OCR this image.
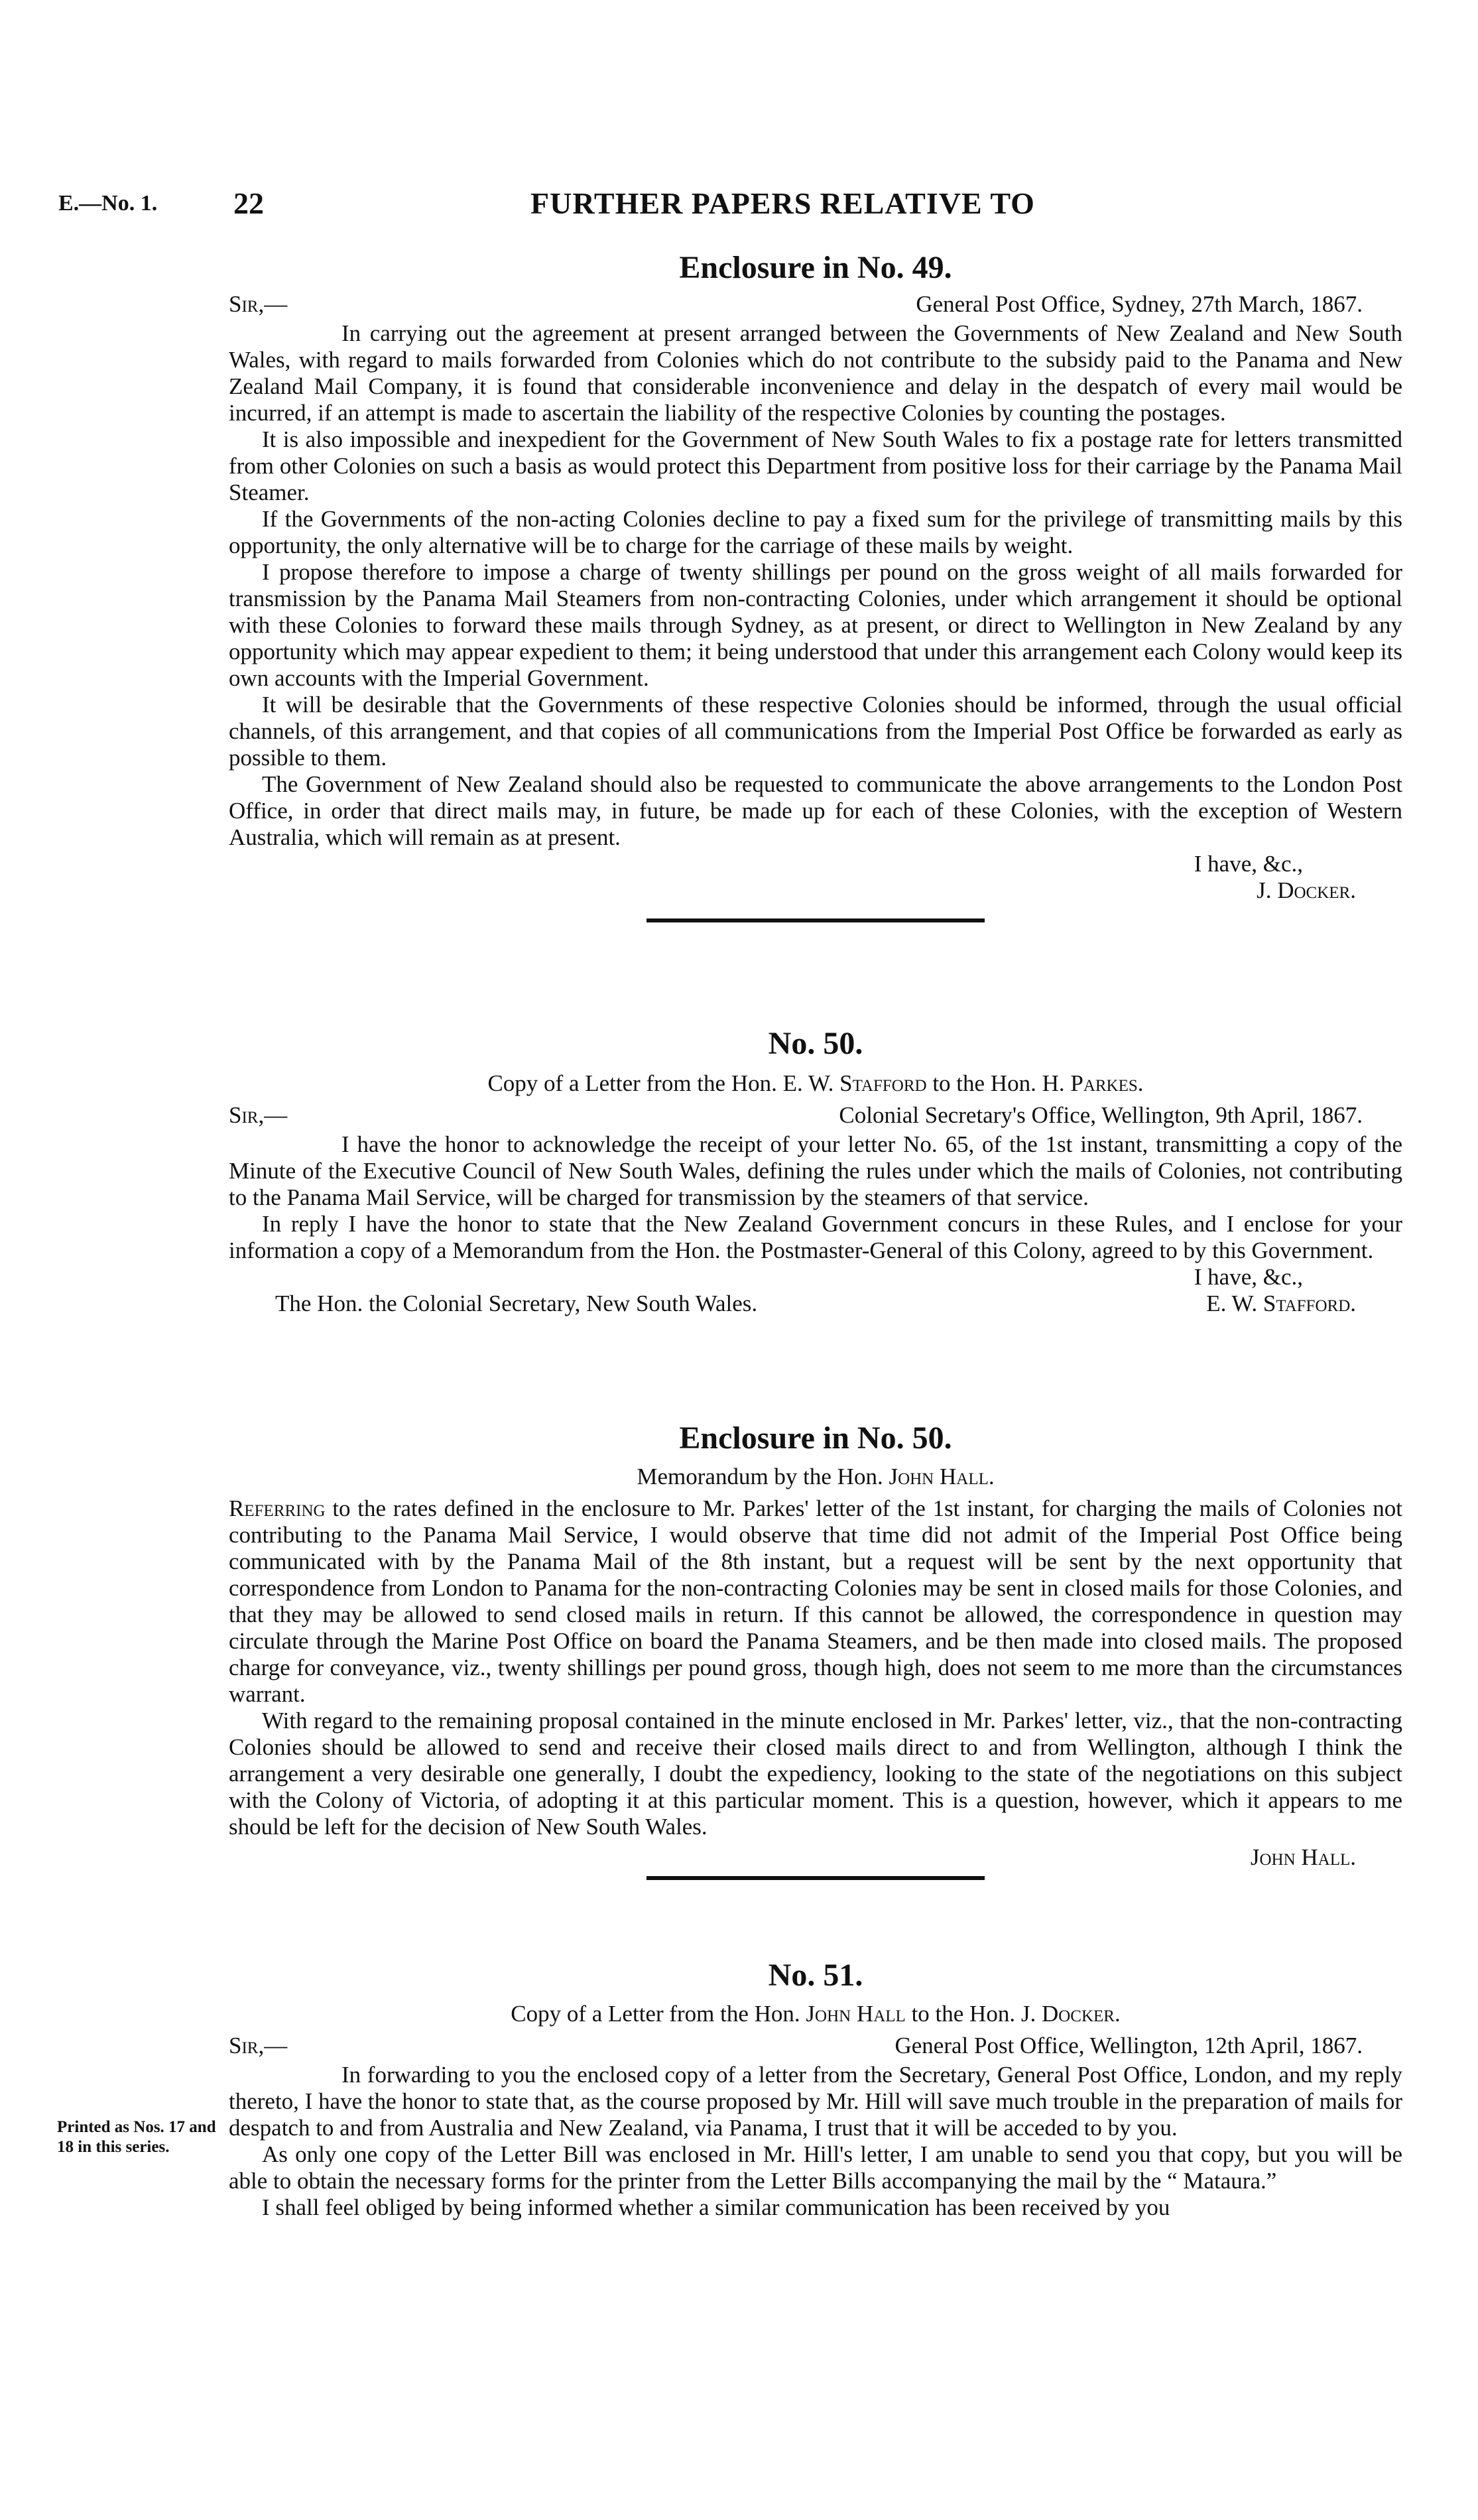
E.—No. 1. 22	FURTHER PAPERS RELATIVE TO
Enclosure in No. 49.
Sir,—	General Post Office, Sydney, 27th March, 1867.

In carrying out the agreement at present arranged between the Governments of New Zealand and New South Wales, with regard to mails forwarded from Colonies which do not contribute to the subsidy paid to the Panama and New Zealand Mail Company, it is found that considerable inconvenience and delay in the despatch of every mail would be incurred, if an attempt is made to ascertain the liability of the respective Colonies by counting the postages.

It is also impossible and inexpedient for the Government of New South Wales to fix a postage rate for letters transmitted from other Colonies on such a basis as would protect this Department from positive loss for their carriage by the Panama Mail Steamer.

If the Governments of the non-acting Colonies decline to pay a fixed sum for the privilege of transmitting mails by this opportunity, the only alternative will be to charge for the carriage of these mails by weight.

I propose therefore to impose a charge of twenty shillings per pound on the gross weight of all mails forwarded for transmission by the Panama Mail Steamers from non-contracting Colonies, under which arrangement it should be optional with these Colonies to forward these mails through Sydney, as at present, or direct to Wellington in New Zealand by any opportunity which may appear expedient to them; it being understood that under this arrangement each Colony would keep its own accounts with the Imperial Government.

It will be desirable that the Governments of these respective Colonies should be informed, through the usual official channels, of this arrangement, and that copies of all communications from the Imperial Post Office be forwarded as early as possible to them.

The Government of New Zealand should also be requested to communicate the above arrangements to the London Post Office, in order that direct mails may, in future, be made up for each of these Colonies, with the exception of Western Australia, which will remain as at present.

I have, &c.,
J. Docker.
No. 50.

Copy of a Letter from the Hon. E. W. Stafford to the Hon. H. Parkes.

Sir,—	Colonial Secretary's Office, Wellington, 9th April, 1867.

I have the honor to acknowledge the receipt of your letter No. 65, of the 1st instant, transmitting a copy of the Minute of the Executive Council of New South Wales, defining the rules under which the mails of Colonies, not contributing to the Panama Mail Service, will be charged for transmission by the steamers of that service.

In reply I have the honor to state that the New Zealand Government concurs in these Rules, and I enclose for your information a copy of a Memorandum from the Hon. the Postmaster-General of this Colony, agreed to by this Government.

I have, &c.,
The Hon. the Colonial Secretary, New South Wales.	E. W. Stafford.
Enclosure in No. 50.

Memorandum by the Hon. John Hall.

Referring to the rates defined in the enclosure to Mr. Parkes' letter of the 1st instant, for charging the mails of Colonies not contributing to the Panama Mail Service, I would observe that time did not admit of the Imperial Post Office being communicated with by the Panama Mail of the 8th instant, but a request will be sent by the next opportunity that correspondence from London to Panama for the non-contracting Colonies may be sent in closed mails for those Colonies, and that they may be allowed to send closed mails in return. If this cannot be allowed, the correspondence in question may circulate through the Marine Post Office on board the Panama Steamers, and be then made into closed mails. The proposed charge for conveyance, viz., twenty shillings per pound gross, though high, does not seem to me more than the circumstances warrant.

With regard to the remaining proposal contained in the minute enclosed in Mr. Parkes' letter, viz., that the non-contracting Colonies should be allowed to send and receive their closed mails direct to and from Wellington, although I think the arrangement a very desirable one generally, I doubt the expediency, looking to the state of the negotiations on this subject with the Colony of Victoria, of adopting it at this particular moment. This is a question, however, which it appears to me should be left for the decision of New South Wales.

John Hall.
No. 51.

Copy of a Letter from the Hon. John Hall to the Hon. J. Docker.

Sir,—	General Post Office, Wellington, 12th April, 1867.

In forwarding to you the enclosed copy of a letter from the Secretary, General Post Office, London, and my reply thereto, I have the honor to state that, as the course proposed by Mr. Hill will save much trouble in the preparation of mails for despatch to and from Australia and New Zealand, via Panama, I trust that it will be acceded to by you.

As only one copy of the Letter Bill was enclosed in Mr. Hill's letter, I am unable to send you that copy, but you will be able to obtain the necessary forms for the printer from the Letter Bills accompanying the mail by the “ Mataura.”

I shall feel obliged by being informed whether a similar communication has been received by you

Printed as Nos. 17 and 18 in this series.
